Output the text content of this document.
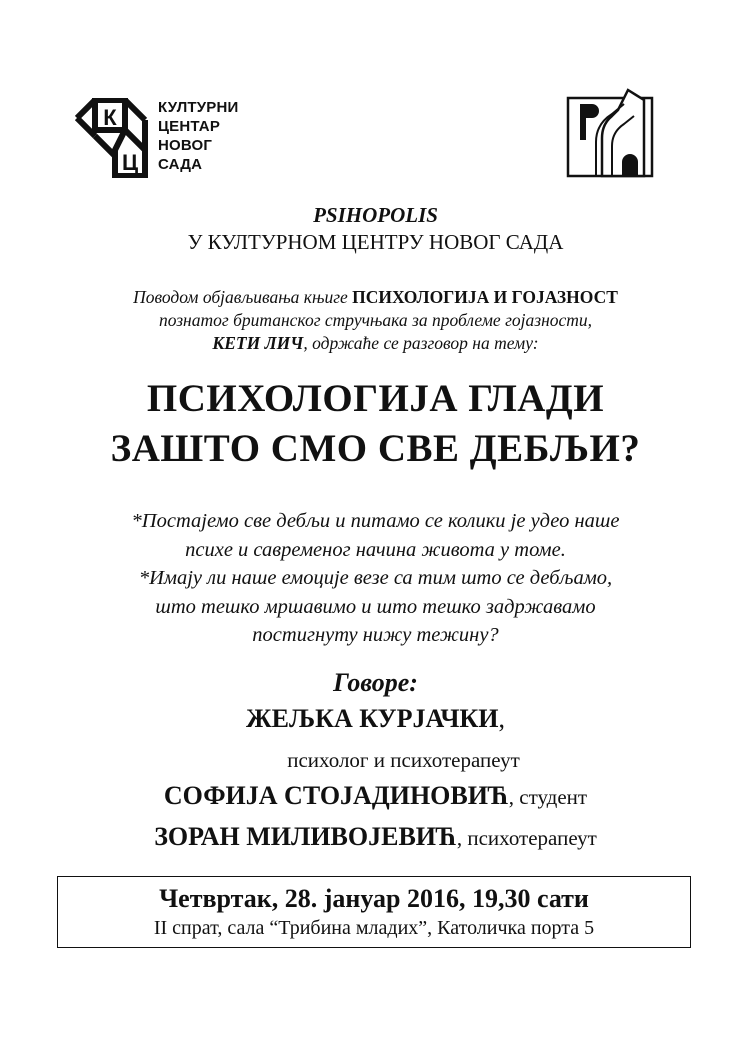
К
Ц
КУЛТУРНИ
ЦЕНТАР
НОВОГ
САДА
PSIHOPOLIS
У КУЛТУРНОМ ЦЕНТРУ НОВОГ САДА
Поводом објављивања књиге ПСИХОЛОГИЈА И ГОЈАЗНОСТ
познатог британског стручњака за проблеме гојазности,
КЕТИ ЛИЧ, одржаће се разговор на тему:
ПСИХОЛОГИЈА ГЛАДИ
ЗАШТО СМО СВЕ ДЕБЉИ?
*Постајемо све дебљи и питамо се колики је удео наше
психе и савременог начина живота у томе.
*Имају ли наше емоције везе са тим што се дебљамо,
што тешко мршавимо и што тешко задржавамо
постигнуту нижу тежину?
Говоре:
ЖЕЉКА КУРЈАЧКИ,
психолог и психотерапеут
СОФИЈА СТОЈАДИНОВИЋ, студент
ЗОРАН МИЛИВОЈЕВИЋ, психотерапеут
Четвртак, 28. јануар 2016, 19,30 сати
II спрат, сала “Трибина младих”, Католичка порта 5
